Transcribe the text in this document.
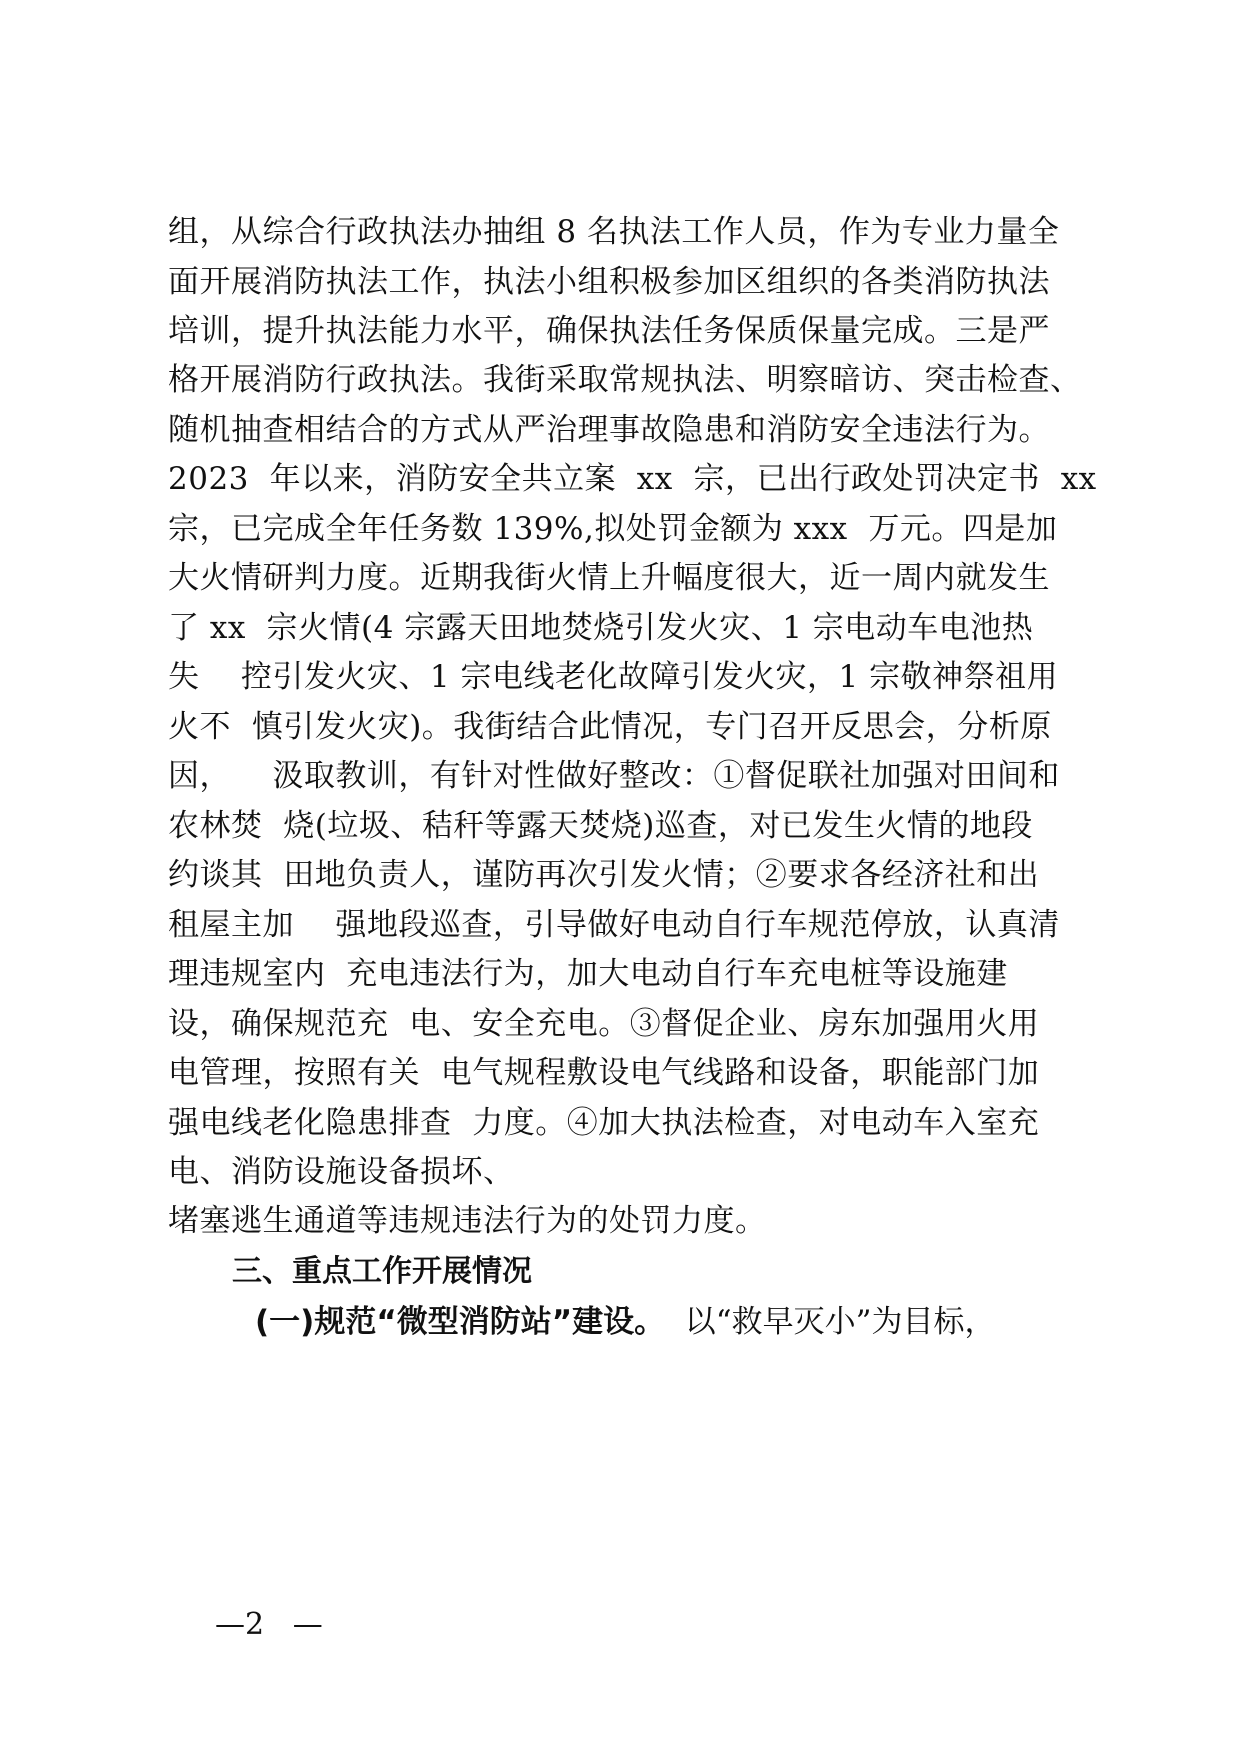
组，从综合行政执法办抽组 8 名执法工作人员，作为专业力量全

面开展消防执法工作，执法小组积极参加区组织的各类消防执法

培训，提升执法能力水平，确保执法任务保质保量完成。三是严

格开展消防行政执法。我街采取常规执法、明察暗访、突击检查、

随机抽查相结合的方式从严治理事故隐患和消防安全违法行为。

2023  年以来，消防安全共立案  xx  宗，已出行政处罚决定书  xx

宗，已完成全年任务数 139%,拟处罚金额为 xxx  万元。四是加

大火情研判力度。近期我街火情上升幅度很大，近一周内就发生

了 xx  宗火情(4 宗露天田地焚烧引发火灾、1 宗电动车电池热

失    控引发火灾、1 宗电线老化故障引发火灾，1 宗敬神祭祖用

火不  慎引发火灾)。我街结合此情况，专门召开反思会，分析原

因，    汲取教训，有针对性做好整改：①督促联社加强对田间和

农林焚  烧(垃圾、秸秆等露天焚烧)巡查，对已发生火情的地段

约谈其  田地负责人，谨防再次引发火情；②要求各经济社和出

租屋主加    强地段巡查，引导做好电动自行车规范停放，认真清

理违规室内  充电违法行为，加大电动自行车充电桩等设施建

设，确保规范充  电、安全充电。③督促企业、房东加强用火用

电管理，按照有关  电气规程敷设电气线路和设备，职能部门加

强电线老化隐患排查  力度。④加大执法检查，对电动车入室充

电、消防设施设备损坏、

堵塞逃生通道等违规违法行为的处罚力度。

三、重点工作开展情况

(一)规范“微型消防站”建设。  以“救早灭小”为目标，

—2   —
